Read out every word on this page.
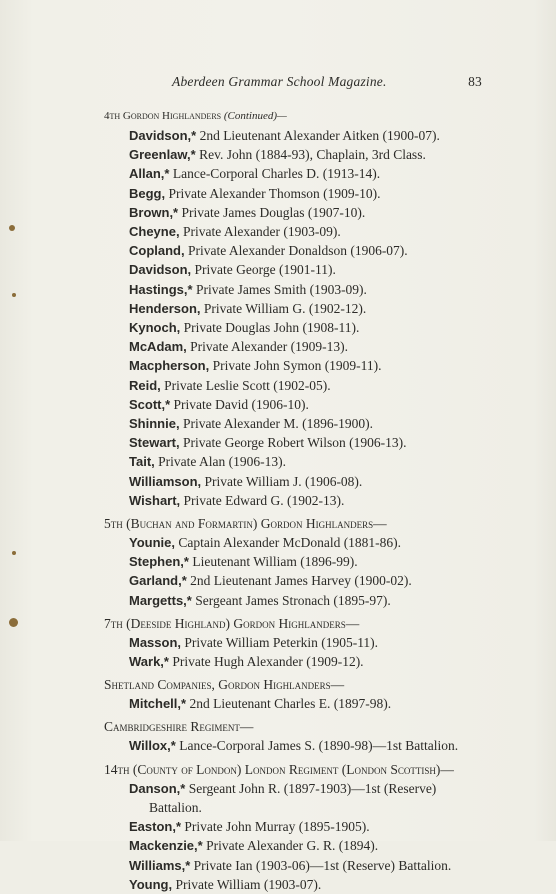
Aberdeen Grammar School Magazine.	83
4th Gordon Highlanders (Continued)—
Davidson,* 2nd Lieutenant Alexander Aitken (1900-07).
Greenlaw,* Rev. John (1884-93), Chaplain, 3rd Class.
Allan,* Lance-Corporal Charles D. (1913-14).
Begg, Private Alexander Thomson (1909-10).
Brown,* Private James Douglas (1907-10).
Cheyne, Private Alexander (1903-09).
Copland, Private Alexander Donaldson (1906-07).
Davidson, Private George (1901-11).
Hastings,* Private James Smith (1903-09).
Henderson, Private William G. (1902-12).
Kynoch, Private Douglas John (1908-11).
McAdam, Private Alexander (1909-13).
Macpherson, Private John Symon (1909-11).
Reid, Private Leslie Scott (1902-05).
Scott,* Private David (1906-10).
Shinnie, Private Alexander M. (1896-1900).
Stewart, Private George Robert Wilson (1906-13).
Tait, Private Alan (1906-13).
Williamson, Private William J. (1906-08).
Wishart, Private Edward G. (1902-13).
5th (Buchan and Formartin) Gordon Highlanders—
Younie, Captain Alexander McDonald (1881-86).
Stephen,* Lieutenant William (1896-99).
Garland,* 2nd Lieutenant James Harvey (1900-02).
Margetts,* Sergeant James Stronach (1895-97).
7th (Deeside Highland) Gordon Highlanders—
Masson, Private William Peterkin (1905-11).
Wark,* Private Hugh Alexander (1909-12).
Shetland Companies, Gordon Highlanders—
Mitchell,* 2nd Lieutenant Charles E. (1897-98).
Cambridgeshire Regiment—
Willox,* Lance-Corporal James S. (1890-98)—1st Battalion.
14th (County of London) London Regiment (London Scottish)—
Danson,* Sergeant John R. (1897-1903)—1st (Reserve)
Battalion.
Easton,* Private John Murray (1895-1905).
Mackenzie,* Private Alexander G. R. (1894).
Williams,* Private Ian (1903-06)—1st (Reserve) Battalion.
Young, Private William (1903-07).
